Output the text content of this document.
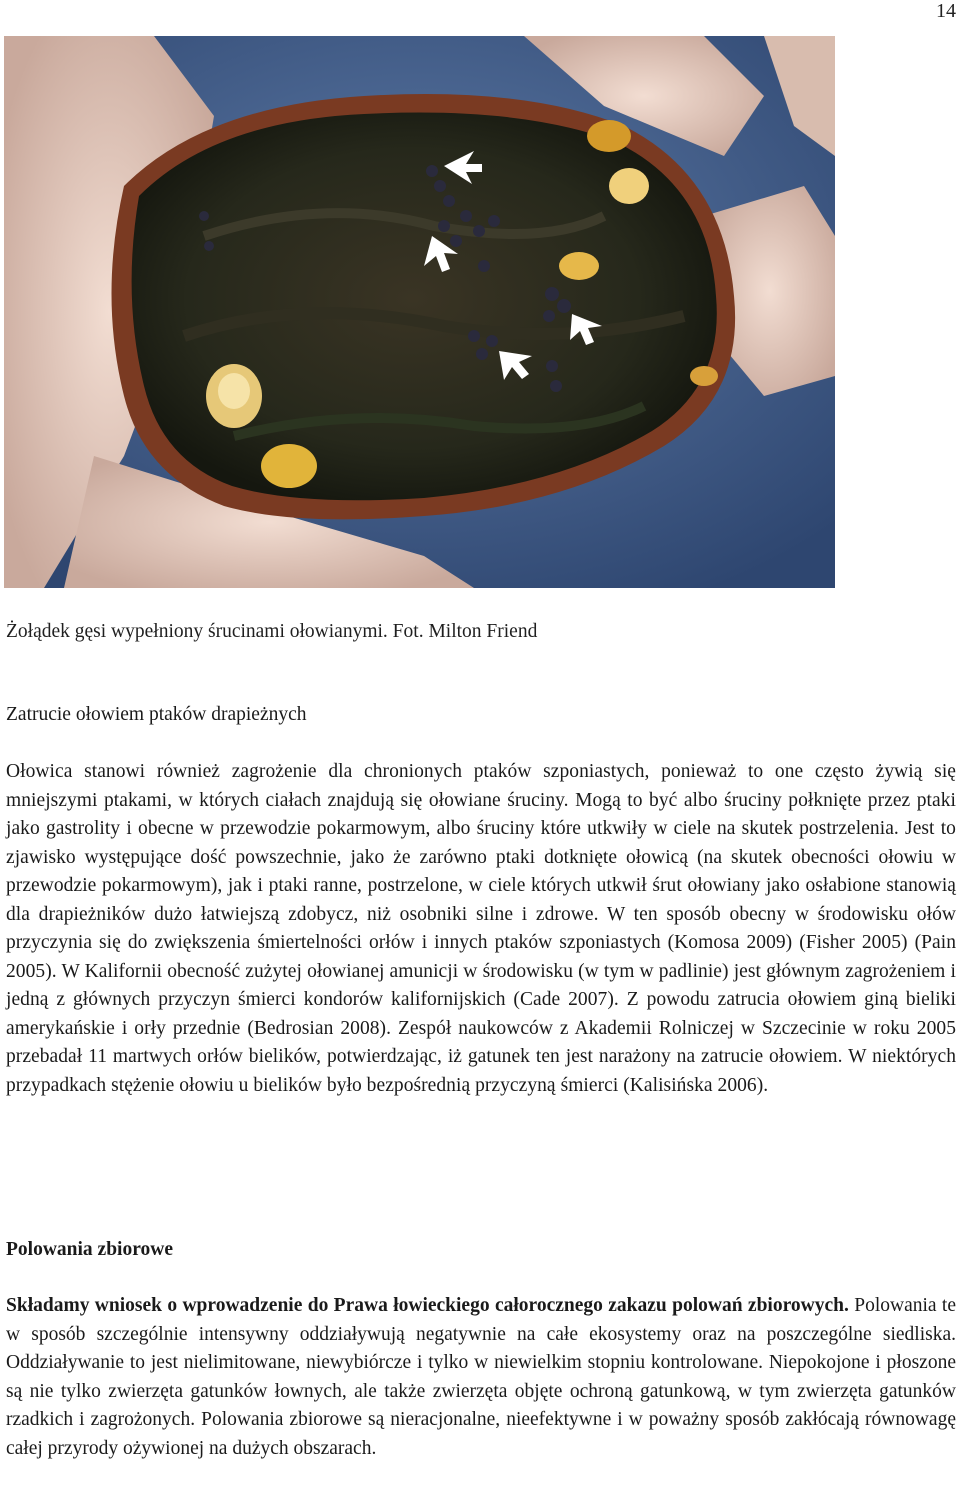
14
Żołądek gęsi wypełniony śrucinami ołowianymi. Fot. Milton Friend
Zatrucie ołowiem ptaków drapieżnych
Ołowica stanowi również zagrożenie dla chronionych ptaków szponiastych, ponieważ to one często żywią się mniejszymi ptakami, w których ciałach znajdują się ołowiane śruciny. Mogą to być albo śruciny połknięte przez ptaki jako gastrolity i obecne w przewodzie pokarmowym, albo śruciny które utkwiły w ciele na skutek postrzelenia. Jest to zjawisko występujące dość powszechnie, jako że zarówno ptaki dotknięte ołowicą (na skutek obecności ołowiu w przewodzie pokarmowym), jak i ptaki ranne, postrzelone, w ciele których utkwił śrut ołowiany jako osłabione stanowią dla drapieżników dużo łatwiejszą zdobycz, niż osobniki silne i zdrowe. W ten sposób obecny w środowisku ołów przyczynia się do zwiększenia śmiertelności orłów i innych ptaków szponiastych (Komosa 2009) (Fisher 2005) (Pain 2005). W Kalifornii obecność zużytej ołowianej amunicji w środowisku (w tym w padlinie) jest głównym zagrożeniem i jedną z głównych przyczyn śmierci kondorów kalifornijskich (Cade 2007). Z powodu zatrucia ołowiem giną bieliki amerykańskie i orły przednie (Bedrosian 2008). Zespół naukowców z Akademii Rolniczej w Szczecinie w roku 2005 przebadał 11 martwych orłów bielików, potwierdzając, iż gatunek ten jest narażony na zatrucie ołowiem. W niektórych przypadkach stężenie ołowiu u bielików było bezpośrednią przyczyną śmierci (Kalisińska 2006).
Polowania zbiorowe
Składamy wniosek o wprowadzenie do Prawa łowieckiego całorocznego zakazu polowań zbiorowych. Polowania te w sposób szczególnie intensywny oddziaływują negatywnie na całe ekosystemy oraz na poszczególne siedliska. Oddziaływanie to jest nielimitowane, niewybiórcze i tylko w niewielkim stopniu kontrolowane. Niepokojone i płoszone są nie tylko zwierzęta gatunków łownych, ale także zwierzęta objęte ochroną gatunkową, w tym zwierzęta gatunków rzadkich i zagrożonych. Polowania zbiorowe są nieracjonalne, nieefektywne i w poważny sposób zakłócają równowagę całej przyrody ożywionej na dużych obszarach.
